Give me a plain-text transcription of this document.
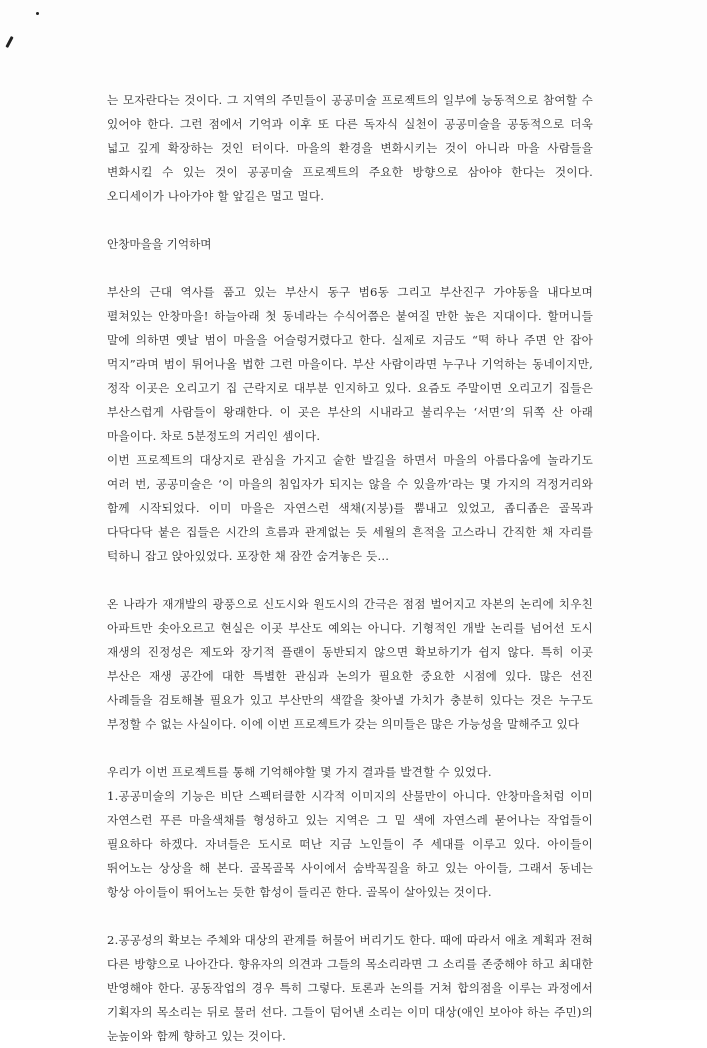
는 모자란다는 것이다. 그 지역의 주민들이 공공미술 프로젝트의 일부에 능동적으로 참여할 수 있어야 한다. 그런 점에서 기억과 이후 또 다른 독자식 실천이 공공미술을 공동적으로 더욱 넓고 깊게 확장하는 것인 터이다. 마을의 환경을 변화시키는 것이 아니라 마을 사람들을 변화시킬 수 있는 것이 공공미술 프로젝트의 주요한 방향으로 삼아야 한다는 것이다. 오디세이가 나아가야 할 앞길은 멀고 멀다.

안창마을을 기억하며

부산의 근대 역사를 품고 있는 부산시 동구 범6동 그리고 부산진구 가야동을 내다보며 펼쳐있는 안창마을! 하늘아래 첫 동네라는 수식어쯤은 붙여질 만한 높은 지대이다. 할머니들 말에 의하면 옛날 범이 마을을 어슬렁거렸다고 한다. 실제로 지금도 “떡 하나 주면 안 잡아 먹지”라며 범이 튀어나올 법한 그런 마을이다. 부산 사람이라면 누구나 기억하는 동네이지만, 정작 이곳은 오리고기 집 근락지로 대부분 인지하고 있다. 요즘도 주말이면 오리고기 집들은 부산스럽게 사람들이 왕래한다. 이 곳은 부산의 시내라고 불리우는 ‘서면’의 뒤쪽 산 아래 마을이다. 차로 5분정도의 거리인 셈이다.

이번 프로젝트의 대상지로 관심을 가지고 숱한 발길을 하면서 마을의 아름다움에 놀라기도 여러 번, 공공미술은 ‘이 마을의 침입자가 되지는 않을 수 있을까’라는 몇 가지의 걱정거리와 함께 시작되었다. 이미 마을은 자연스런 색채(지붕)를 뿜내고 있었고, 좁디좁은 골목과 다닥다닥 붙은 집들은 시간의 흐름과 관계없는 듯 세월의 흔적을 고스라니 간직한 채 자리를 턱하니 잡고 앉아있었다. 포장한 채 잠깐 숨겨놓은 듯...

온 나라가 재개발의 광풍으로 신도시와 원도시의 간극은 점점 벌어지고 자본의 논리에 치우친 아파트만 솟아오르고 현실은 이곳 부산도 예외는 아니다. 기형적인 개발 논리를 넘어선 도시 재생의 진정성은 제도와 장기적 플랜이 동반되지 않으면 확보하기가 쉽지 않다. 특히 이곳 부산은 재생 공간에 대한 특별한 관심과 논의가 필요한 중요한 시점에 있다. 많은 선진 사례들을 검토해볼 필요가 있고 부산만의 색깔을 찾아낼 가치가 충분히 있다는 것은 누구도 부정할 수 없는 사실이다. 이에 이번 프로젝트가 갖는 의미들은 많은 가능성을 말해주고 있다

우리가 이번 프로젝트를 통해 기억해야할 몇 가지 결과를 발견할 수 있었다.

1.공공미술의 기능은 비단 스펙터클한 시각적 이미지의 산물만이 아니다. 안창마을처럼 이미 자연스런 푸른 마을색채를 형성하고 있는 지역은 그 밑 색에 자연스레 묻어나는 작업들이 필요하다 하겠다. 자녀들은 도시로 떠난 지금 노인들이 주 세대를 이루고 있다. 아이들이 뛰어노는 상상을 해 본다. 골목골목 사이에서 숨박꼭질을 하고 있는 아이들, 그래서 동네는 항상 아이들이 뛰어노는 듯한 함성이 들리곤 한다. 골목이 살아있는 것이다.

2.공공성의 확보는 주체와 대상의 관계를 허물어 버리기도 한다. 때에 따라서 애초 계획과 전혀 다른 방향으로 나아간다. 향유자의 의견과 그들의 목소리라면 그 소리를 존중해야 하고 최대한 반영해야 한다. 공동작업의 경우 특히 그렇다. 토론과 논의를 거쳐 합의점을 이루는 과정에서 기획자의 목소리는 뒤로 물러 선다. 그들이 덤어낸 소리는 이미 대상(애인 보아야 하는 주민)의 눈높이와 함께 향하고 있는 것이다.
